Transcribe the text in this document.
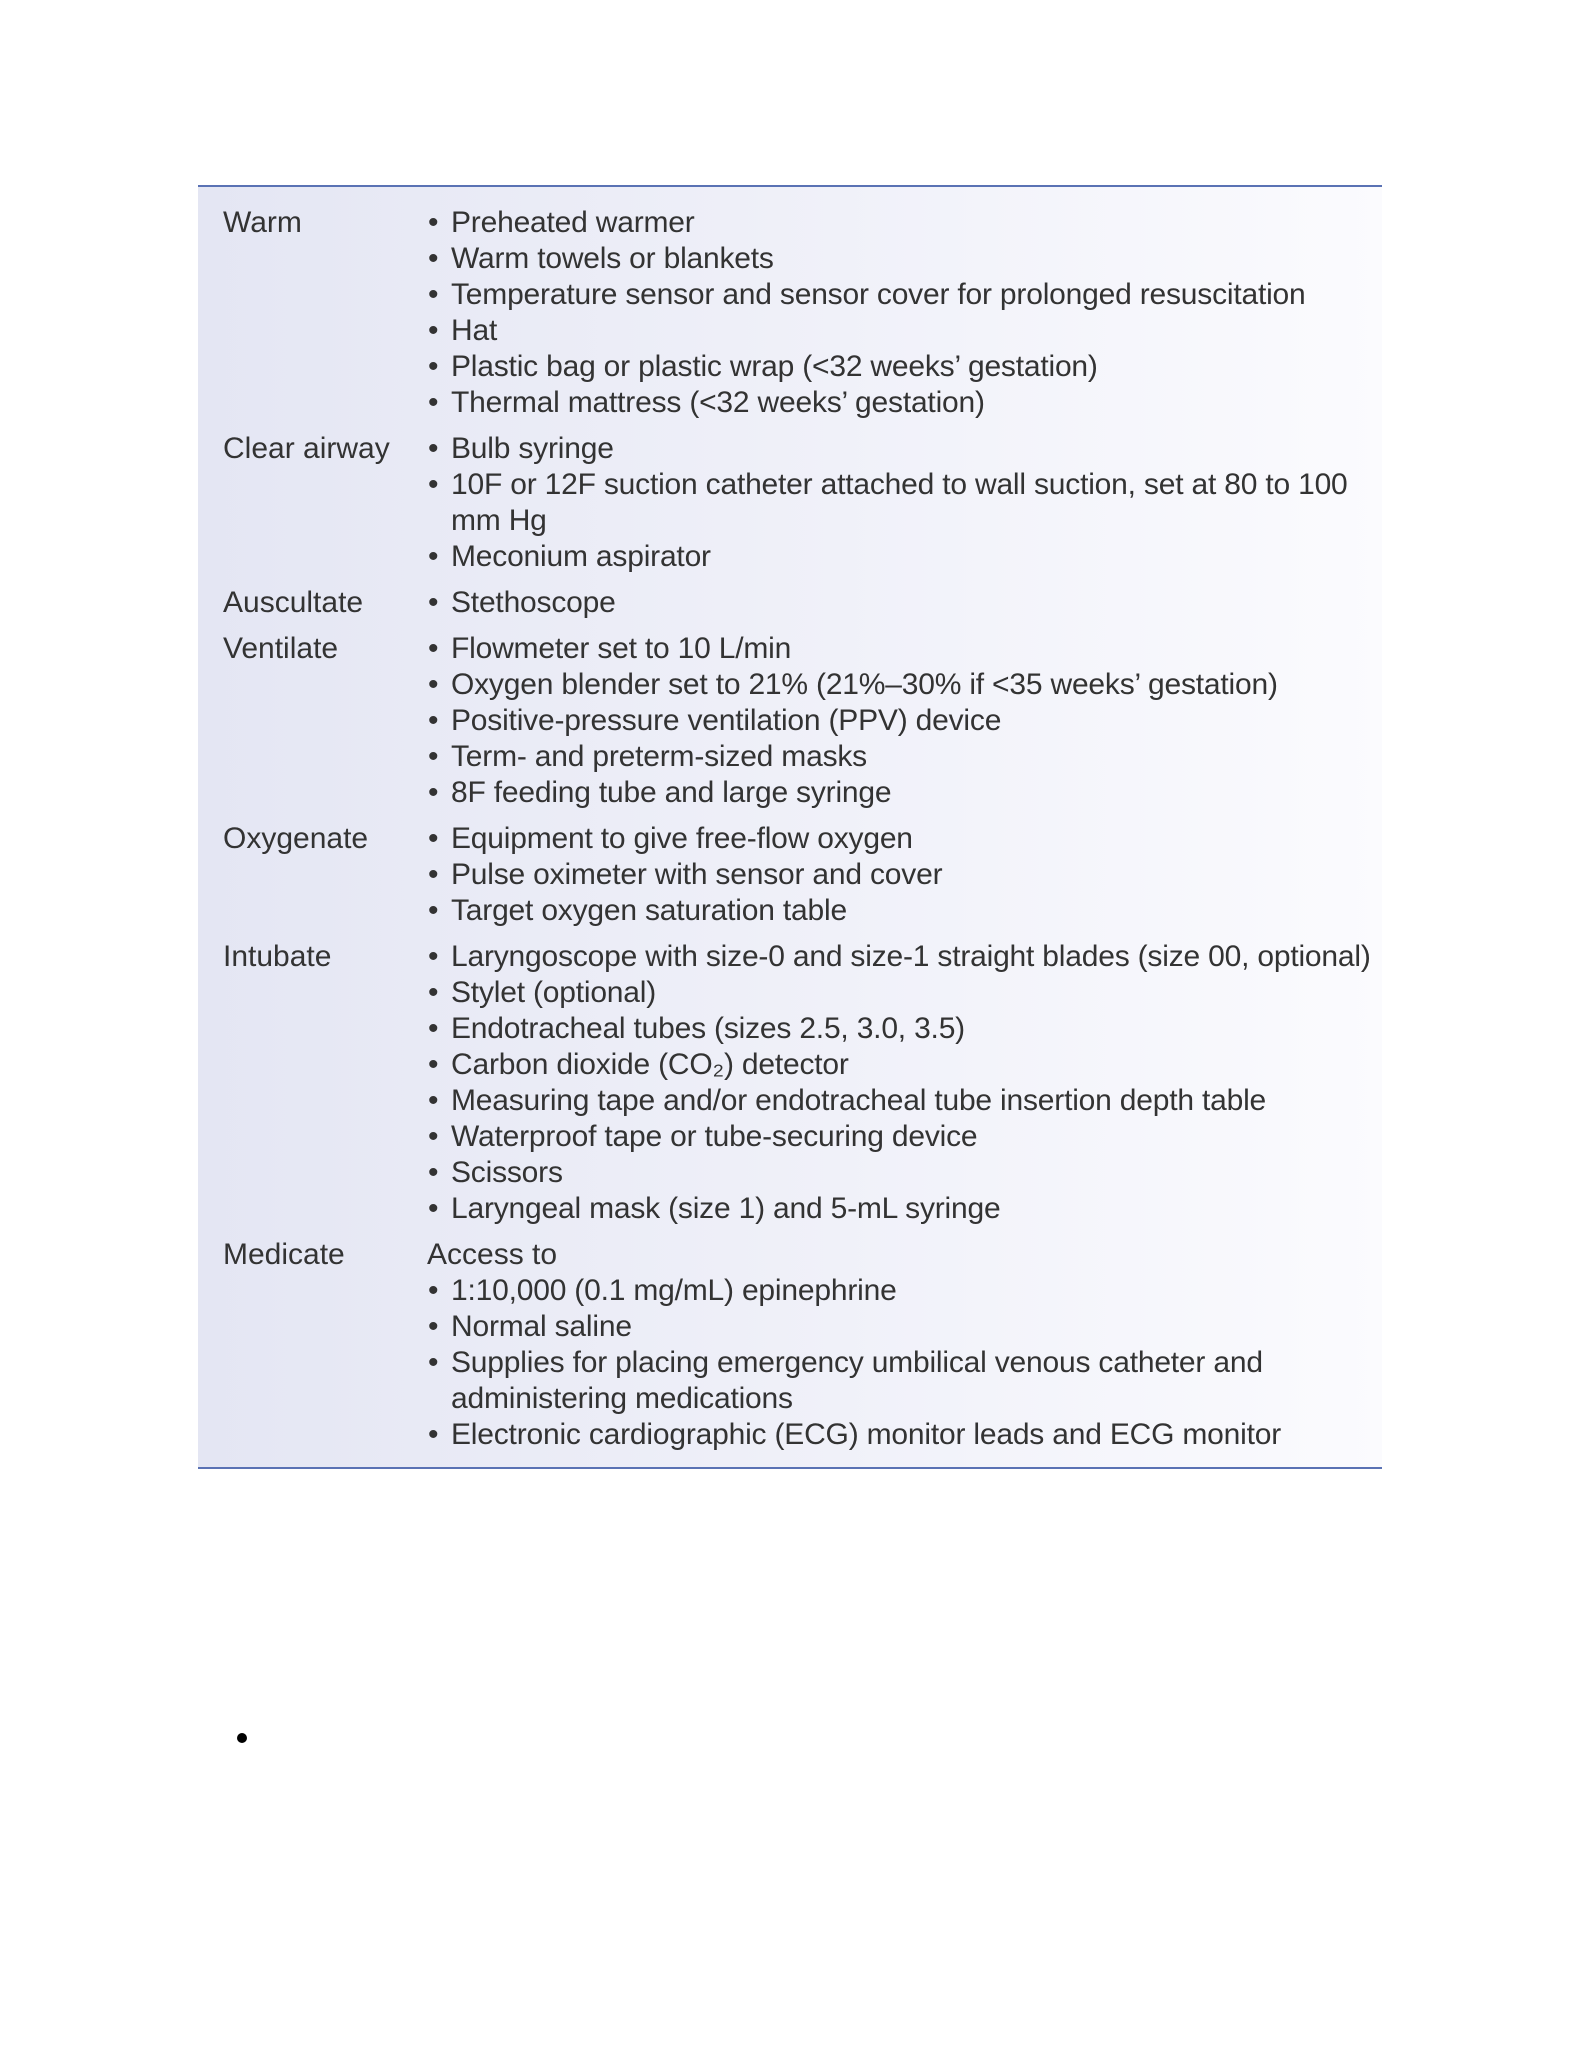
Warm	• Preheated warmer
• Warm towels or blankets
• Temperature sensor and sensor cover for prolonged resuscitation
• Hat
• Plastic bag or plastic wrap (<32 weeks’ gestation)
• Thermal mattress (<32 weeks’ gestation)
Clear airway	• Bulb syringe
• 10F or 12F suction catheter attached to wall suction, set at 80 to 100 mm Hg
• Meconium aspirator
Auscultate	• Stethoscope
Ventilate	• Flowmeter set to 10 L/min
• Oxygen blender set to 21% (21%–30% if <35 weeks’ gestation)
• Positive-pressure ventilation (PPV) device
• Term- and preterm-sized masks
• 8F feeding tube and large syringe
Oxygenate	• Equipment to give free-flow oxygen
• Pulse oximeter with sensor and cover
• Target oxygen saturation table
Intubate	• Laryngoscope with size-0 and size-1 straight blades (size 00, optional)
• Stylet (optional)
• Endotracheal tubes (sizes 2.5, 3.0, 3.5)
• Carbon dioxide (CO₂) detector
• Measuring tape and/or endotracheal tube insertion depth table
• Waterproof tape or tube-securing device
• Scissors
• Laryngeal mask (size 1) and 5-mL syringe
Medicate	Access to
• 1:10,000 (0.1 mg/mL) epinephrine
• Normal saline
• Supplies for placing emergency umbilical venous catheter and administering medications
• Electronic cardiographic (ECG) monitor leads and ECG monitor
